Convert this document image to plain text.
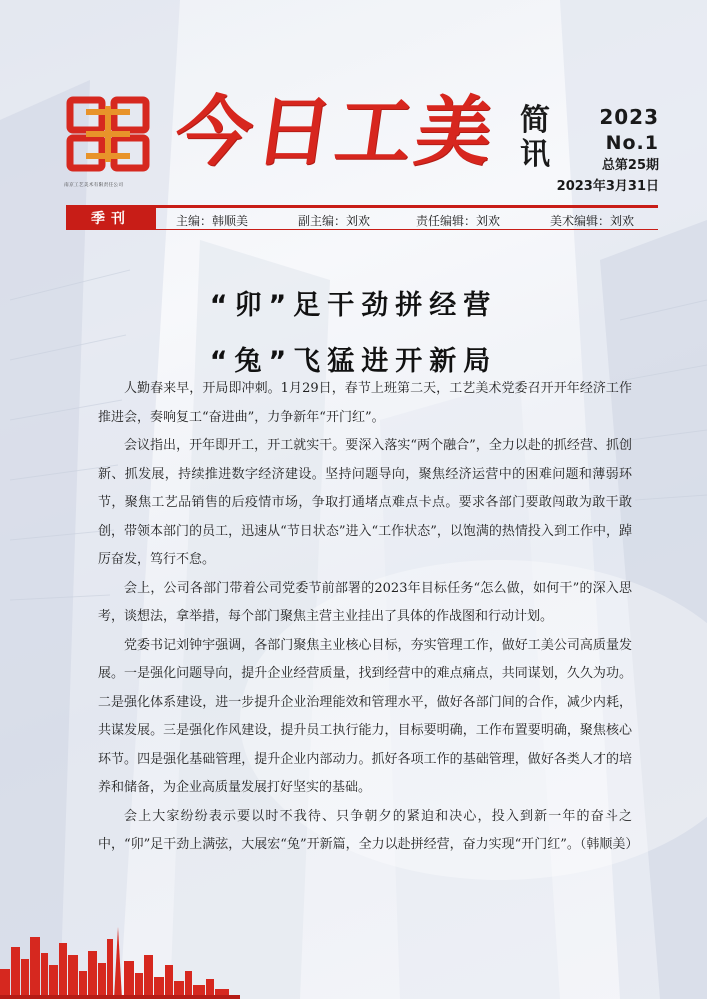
南京工艺美术有限责任公司
今日工美 简
讯
2023
No.1
总第25期
2023年3月31日
季刊	主编：韩顺美	副主编：刘欢	责任编辑：刘欢	美术编辑：刘欢
“卯”足干劲拼经营
“兔”飞猛进开新局

人勤春来早，开局即冲刺。1月29日，春节上班第二天，工艺美术党委召开开年经济工作推进会，奏响复工“奋进曲”，力争新年“开门红”。

会议指出，开年即开工，开工就实干。要深入落实“两个融合”，全力以赴的抓经营、抓创新、抓发展，持续推进数字经济建设。坚持问题导向，聚焦经济运营中的困难问题和薄弱环节，聚焦工艺品销售的后疫情市场，争取打通堵点难点卡点。要求各部门要敢闯敢为敢干敢创，带领本部门的员工，迅速从“节日状态”进入“工作状态”，以饱满的热情投入到工作中，踔厉奋发，笃行不怠。

会上，公司各部门带着公司党委节前部署的2023年目标任务“怎么做，如何干”的深入思考，谈想法，拿举措，每个部门聚焦主营主业挂出了具体的作战图和行动计划。

党委书记刘钟宇强调，各部门聚焦主业核心目标，夯实管理工作，做好工美公司高质量发展。一是强化问题导向，提升企业经营质量，找到经营中的难点痛点，共同谋划，久久为功。二是强化体系建设，进一步提升企业治理能效和管理水平，做好各部门间的合作，减少内耗，共谋发展。三是强化作风建设，提升员工执行能力，目标要明确，工作布置要明确，聚焦核心环节。四是强化基础管理，提升企业内部动力。抓好各项工作的基础管理，做好各类人才的培养和储备，为企业高质量发展打好坚实的基础。

会上大家纷纷表示要以时不我待、只争朝夕的紧迫和决心，投入到新一年的奋斗之中，“卯”足干劲上满弦，大展宏“兔”开新篇，全力以赴拼经营，奋力实现“开门红”。（韩顺美）
